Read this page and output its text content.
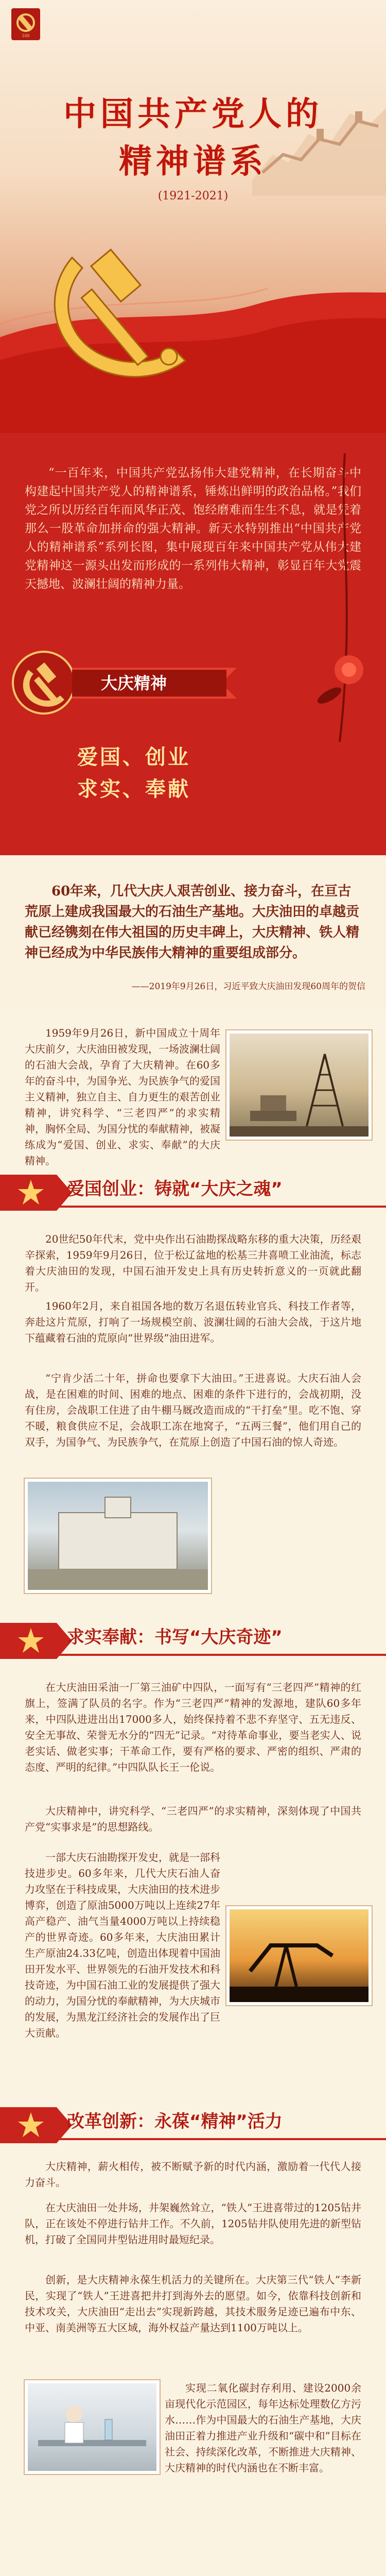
100
中国共产党人的
精神谱系
(1921-2021)
“一百年来，中国共产党弘扬伟大建党精神，在长期奋斗中构建起中国共产党人的精神谱系，锤炼出鲜明的政治品格。”我们党之所以历经百年而风华正茂、饱经磨难而生生不息，就是凭着那么一股革命加拼命的强大精神。新天水特别推出“中国共产党人的精神谱系”系列长图，集中展现百年来中国共产党从伟大建党精神这一源头出发而形成的一系列伟大精神，彰显百年大党震天撼地、波澜壮阔的精神力量。
大庆精神
爱国、创业
求实、奉献
60年来，几代大庆人艰苦创业、接力奋斗，在亘古荒原上建成我国最大的石油生产基地。大庆油田的卓越贡献已经镌刻在伟大祖国的历史丰碑上，大庆精神、铁人精神已经成为中华民族伟大精神的重要组成部分。
——2019年9月26日，习近平致大庆油田发现60周年的贺信
1959年9月26日，新中国成立十周年大庆前夕，大庆油田被发现，一场波澜壮阔的石油大会战，孕育了大庆精神。在60多年的奋斗中，为国争光、为民族争气的爱国主义精神，独立自主、自力更生的艰苦创业精神，讲究科学、“三老四严”的求实精神，胸怀全局、为国分忧的奉献精神，被凝练成为“爱国、创业、求实、奉献”的大庆精神。
爱国创业：铸就“大庆之魂”
20世纪50年代末，党中央作出石油勘探战略东移的重大决策，历经艰辛探索，1959年9月26日，位于松辽盆地的松基三井喜喷工业油流，标志着大庆油田的发现，中国石油开发史上具有历史转折意义的一页就此翻开。
1960年2月，来自祖国各地的数万名退伍转业官兵、科技工作者等，奔赴这片荒原，打响了一场规模空前、波澜壮阔的石油大会战，于这片地下蕴藏着石油的荒原向“世界级”油田进军。
“宁肯少活二十年，拼命也要拿下大油田。”王进喜说。大庆石油人会战，是在困难的时间、困难的地点、困难的条件下进行的，会战初期，没有住房，会战职工住进了由牛棚马厩改造而成的“干打垒”里。吃不饱、穿不暖，粮食供应不足，会战职工冻在地窝子，“五两三餐”，他们用自己的双手，为国争气、为民族争气，在荒原上创造了中国石油的惊人奇迹。
求实奉献：书写“大庆奇迹”
在大庆油田采油一厂第三油矿中四队，一面写有“三老四严”精神的红旗上，签满了队员的名字。作为“三老四严”精神的发源地，建队60多年来，中四队进进出出17000多人，始终保持着不悲不弃坚守、五无违反、安全无事故、荣誉无水分的“四无”记录。“对待革命事业，要当老实人、说老实话、做老实事；干革命工作，要有严格的要求、严密的组织、严肃的态度、严明的纪律。”中四队队长王一伦说。
大庆精神中，讲究科学、“三老四严”的求实精神，深刻体现了中国共产党“实事求是”的思想路线。
一部大庆石油勘探开发史，就是一部科技进步史。60多年来，几代大庆石油人奋力攻坚在于科技成果，大庆油田的技术进步博弈，创造了原油5000万吨以上连续27年高产稳产、油气当量4000万吨以上持续稳产的世界奇迹。60多年来，大庆油田累计生产原油24.33亿吨，创造出体现着中国油田开发水平、世界领先的石油开发技术和科技奇迹，为中国石油工业的发展提供了强大的动力，为国分忧的奉献精神，为大庆城市的发展，为黑龙江经济社会的发展作出了巨大贡献。
改革创新：永葆“精神”活力
大庆精神，薪火相传，被不断赋予新的时代内涵，激励着一代代人接力奋斗。
在大庆油田一处井场，井架巍然耸立，“铁人”王进喜带过的1205钻井队，正在该处不停进行钻井工作。不久前，1205钻井队使用先进的新型钻机，打破了全国同井型钻进用时最短纪录。
创新，是大庆精神永葆生机活力的关键所在。大庆第三代“铁人”李新民，实现了“铁人”王进喜把井打到海外去的愿望。如今，依靠科技创新和技术攻关，大庆油田“走出去”实现新跨越，其技术服务足迹已遍布中东、中亚、南美洲等五大区域，海外权益产量达到1100万吨以上。
实现二氧化碳封存利用、建设2000余亩现代化示范园区，每年达标处理数亿方污水……作为中国最大的石油生产基地，大庆油田正着力推进产业升级和“碳中和”目标在社会、持续深化改革，不断推进大庆精神、大庆精神的时代内涵也在不断丰富。
